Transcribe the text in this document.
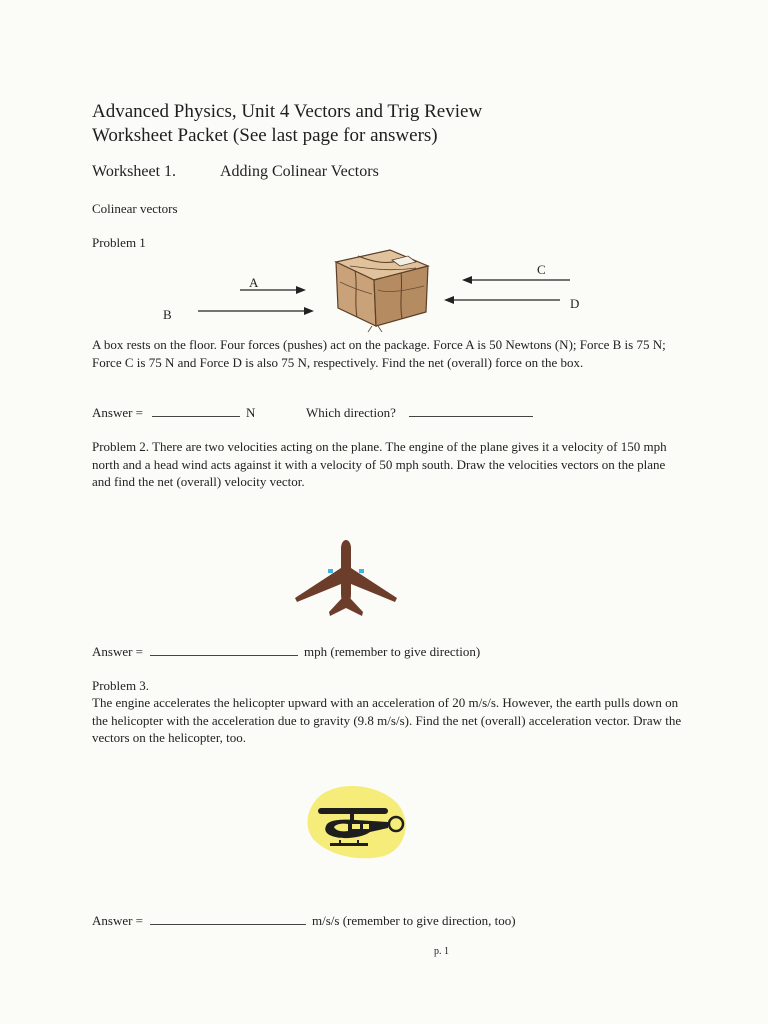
Advanced Physics, Unit 4 Vectors and Trig Review
Worksheet Packet (See last page for answers)
Worksheet 1.	Adding Colinear Vectors
Colinear vectors
Problem 1
A
B
C
D
A box rests on the floor. Four forces (pushes) act on the package. Force A is 50 Newtons (N); Force B is 75 N; Force C is 75 N and Force D is also 75 N, respectively. Find the net (overall) force on the box.
Answer =	N	Which direction?
Problem 2. There are two velocities acting on the plane. The engine of the plane gives it a velocity of 150 mph north and a head wind acts against it with a velocity of 50 mph south. Draw the velocities vectors on the plane and find the net (overall) velocity vector.
Answer =	mph (remember to give direction)
Problem 3.
The engine accelerates the helicopter upward with an acceleration of 20 m/s/s. However, the earth pulls down on the helicopter with the acceleration due to gravity (9.8 m/s/s). Find the net (overall) acceleration vector. Draw the vectors on the helicopter, too.
Answer =	m/s/s (remember to give direction, too)
p. 1
